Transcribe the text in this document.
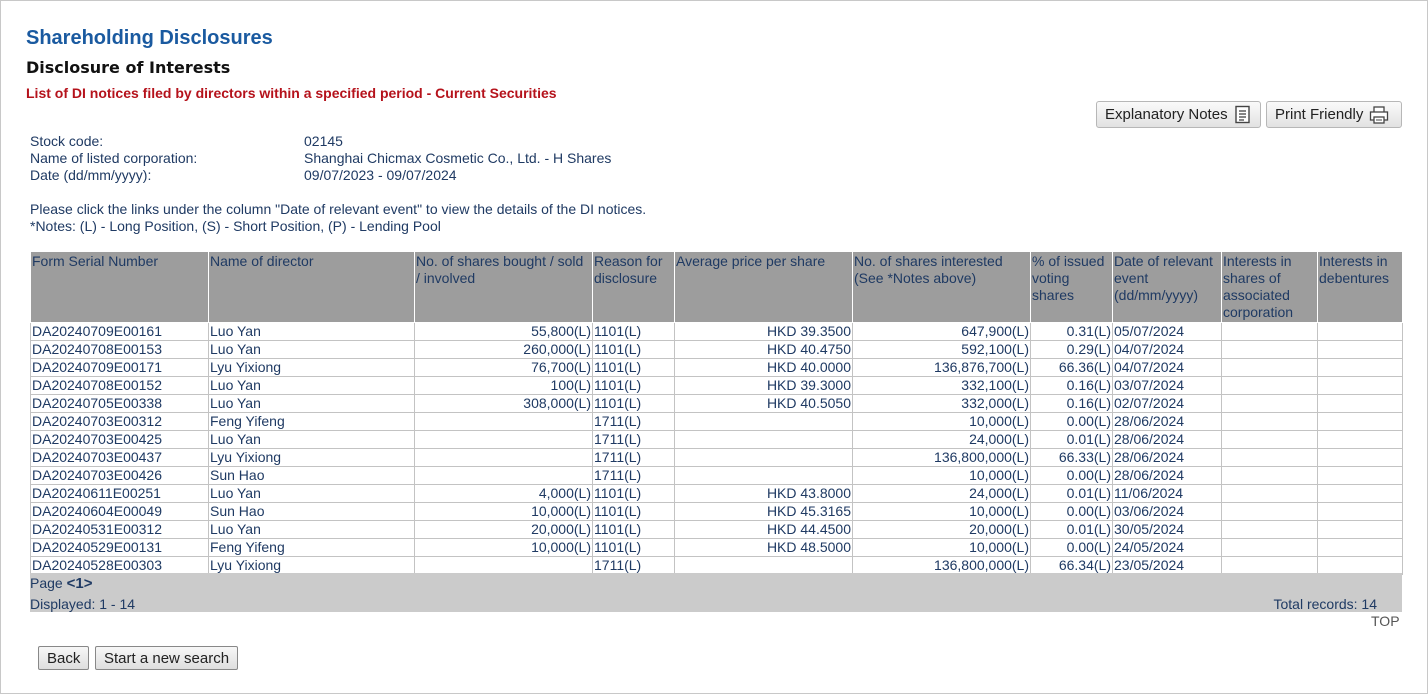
Shareholding Disclosures
Disclosure of Interests
List of DI notices filed by directors within a specified period - Current Securities
Explanatory Notes	Print Friendly
Stock code:	02145
Name of listed corporation:	Shanghai Chicmax Cosmetic Co., Ltd. - H Shares
Date (dd/mm/yyyy):	09/07/2023 - 09/07/2024
Please click the links under the column "Date of relevant event" to view the details of the DI notices.
*Notes: (L) - Long Position, (S) - Short Position, (P) - Lending Pool
Form Serial Number	Name of director	No. of shares bought / sold / involved	Reason for disclosure	Average price per share	No. of shares interested (See *Notes above)	% of issued voting shares	Date of relevant event (dd/mm/yyyy)	Interests in shares of associated corporation	Interests in debentures
DA20240709E00161	Luo Yan	55,800(L)	1101(L)	HKD 39.3500	647,900(L)	0.31(L)	05/07/2024		
DA20240708E00153	Luo Yan	260,000(L)	1101(L)	HKD 40.4750	592,100(L)	0.29(L)	04/07/2024		
DA20240709E00171	Lyu Yixiong	76,700(L)	1101(L)	HKD 40.0000	136,876,700(L)	66.36(L)	04/07/2024		
DA20240708E00152	Luo Yan	100(L)	1101(L)	HKD 39.3000	332,100(L)	0.16(L)	03/07/2024		
DA20240705E00338	Luo Yan	308,000(L)	1101(L)	HKD 40.5050	332,000(L)	0.16(L)	02/07/2024		
DA20240703E00312	Feng Yifeng		1711(L)		10,000(L)	0.00(L)	28/06/2024		
DA20240703E00425	Luo Yan		1711(L)		24,000(L)	0.01(L)	28/06/2024		
DA20240703E00437	Lyu Yixiong		1711(L)		136,800,000(L)	66.33(L)	28/06/2024		
DA20240703E00426	Sun Hao		1711(L)		10,000(L)	0.00(L)	28/06/2024		
DA20240611E00251	Luo Yan	4,000(L)	1101(L)	HKD 43.8000	24,000(L)	0.01(L)	11/06/2024		
DA20240604E00049	Sun Hao	10,000(L)	1101(L)	HKD 45.3165	10,000(L)	0.00(L)	03/06/2024		
DA20240531E00312	Luo Yan	20,000(L)	1101(L)	HKD 44.4500	20,000(L)	0.01(L)	30/05/2024		
DA20240529E00131	Feng Yifeng	10,000(L)	1101(L)	HKD 48.5000	10,000(L)	0.00(L)	24/05/2024		
DA20240528E00303	Lyu Yixiong		1711(L)		136,800,000(L)	66.34(L)	23/05/2024		
Page <1>
Displayed: 1 - 14	Total records: 14
TOP
Back	Start a new search
